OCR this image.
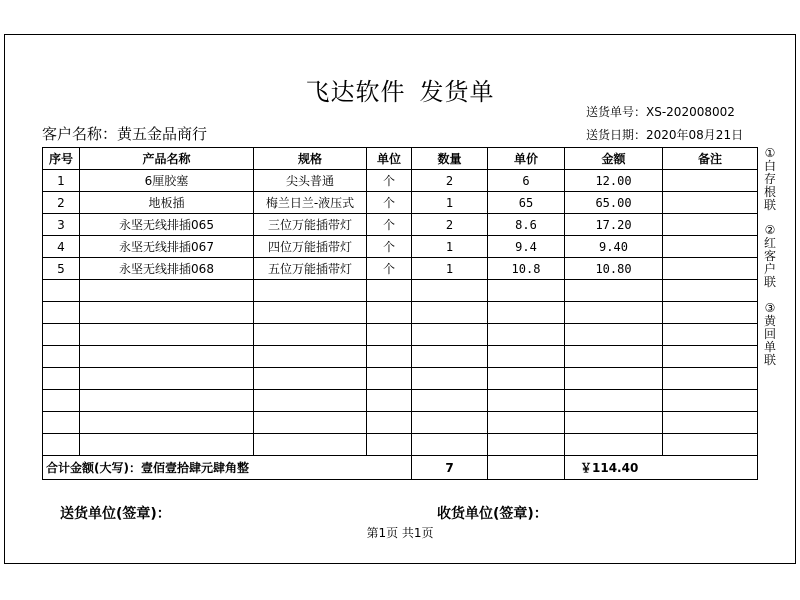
飞达软件 发货单
送货单号：XS-202008002
送货日期：2020年08月21日
客户名称：黄五金品商行
序号	产品名称	规格	单位	数量	单价	金额	备注
1	6厘胶塞	尖头普通	个	2	6	12.00	
2	地板插	梅兰日兰-液压式	个	1	65	65.00	
3	永坚无线排插065	三位万能插带灯	个	2	8.6	17.20	
4	永坚无线排插067	四位万能插带灯	个	1	9.4	9.40	
5	永坚无线排插068	五位万能插带灯	个	1	10.8	10.80	

合计金额(大写)：壹佰壹拾肆元肆角整				7		￥114.40	
①白存根联
②红客户联
③黄回单联
送货单位(签章)：	收货单位(签章)：
第1页 共1页
